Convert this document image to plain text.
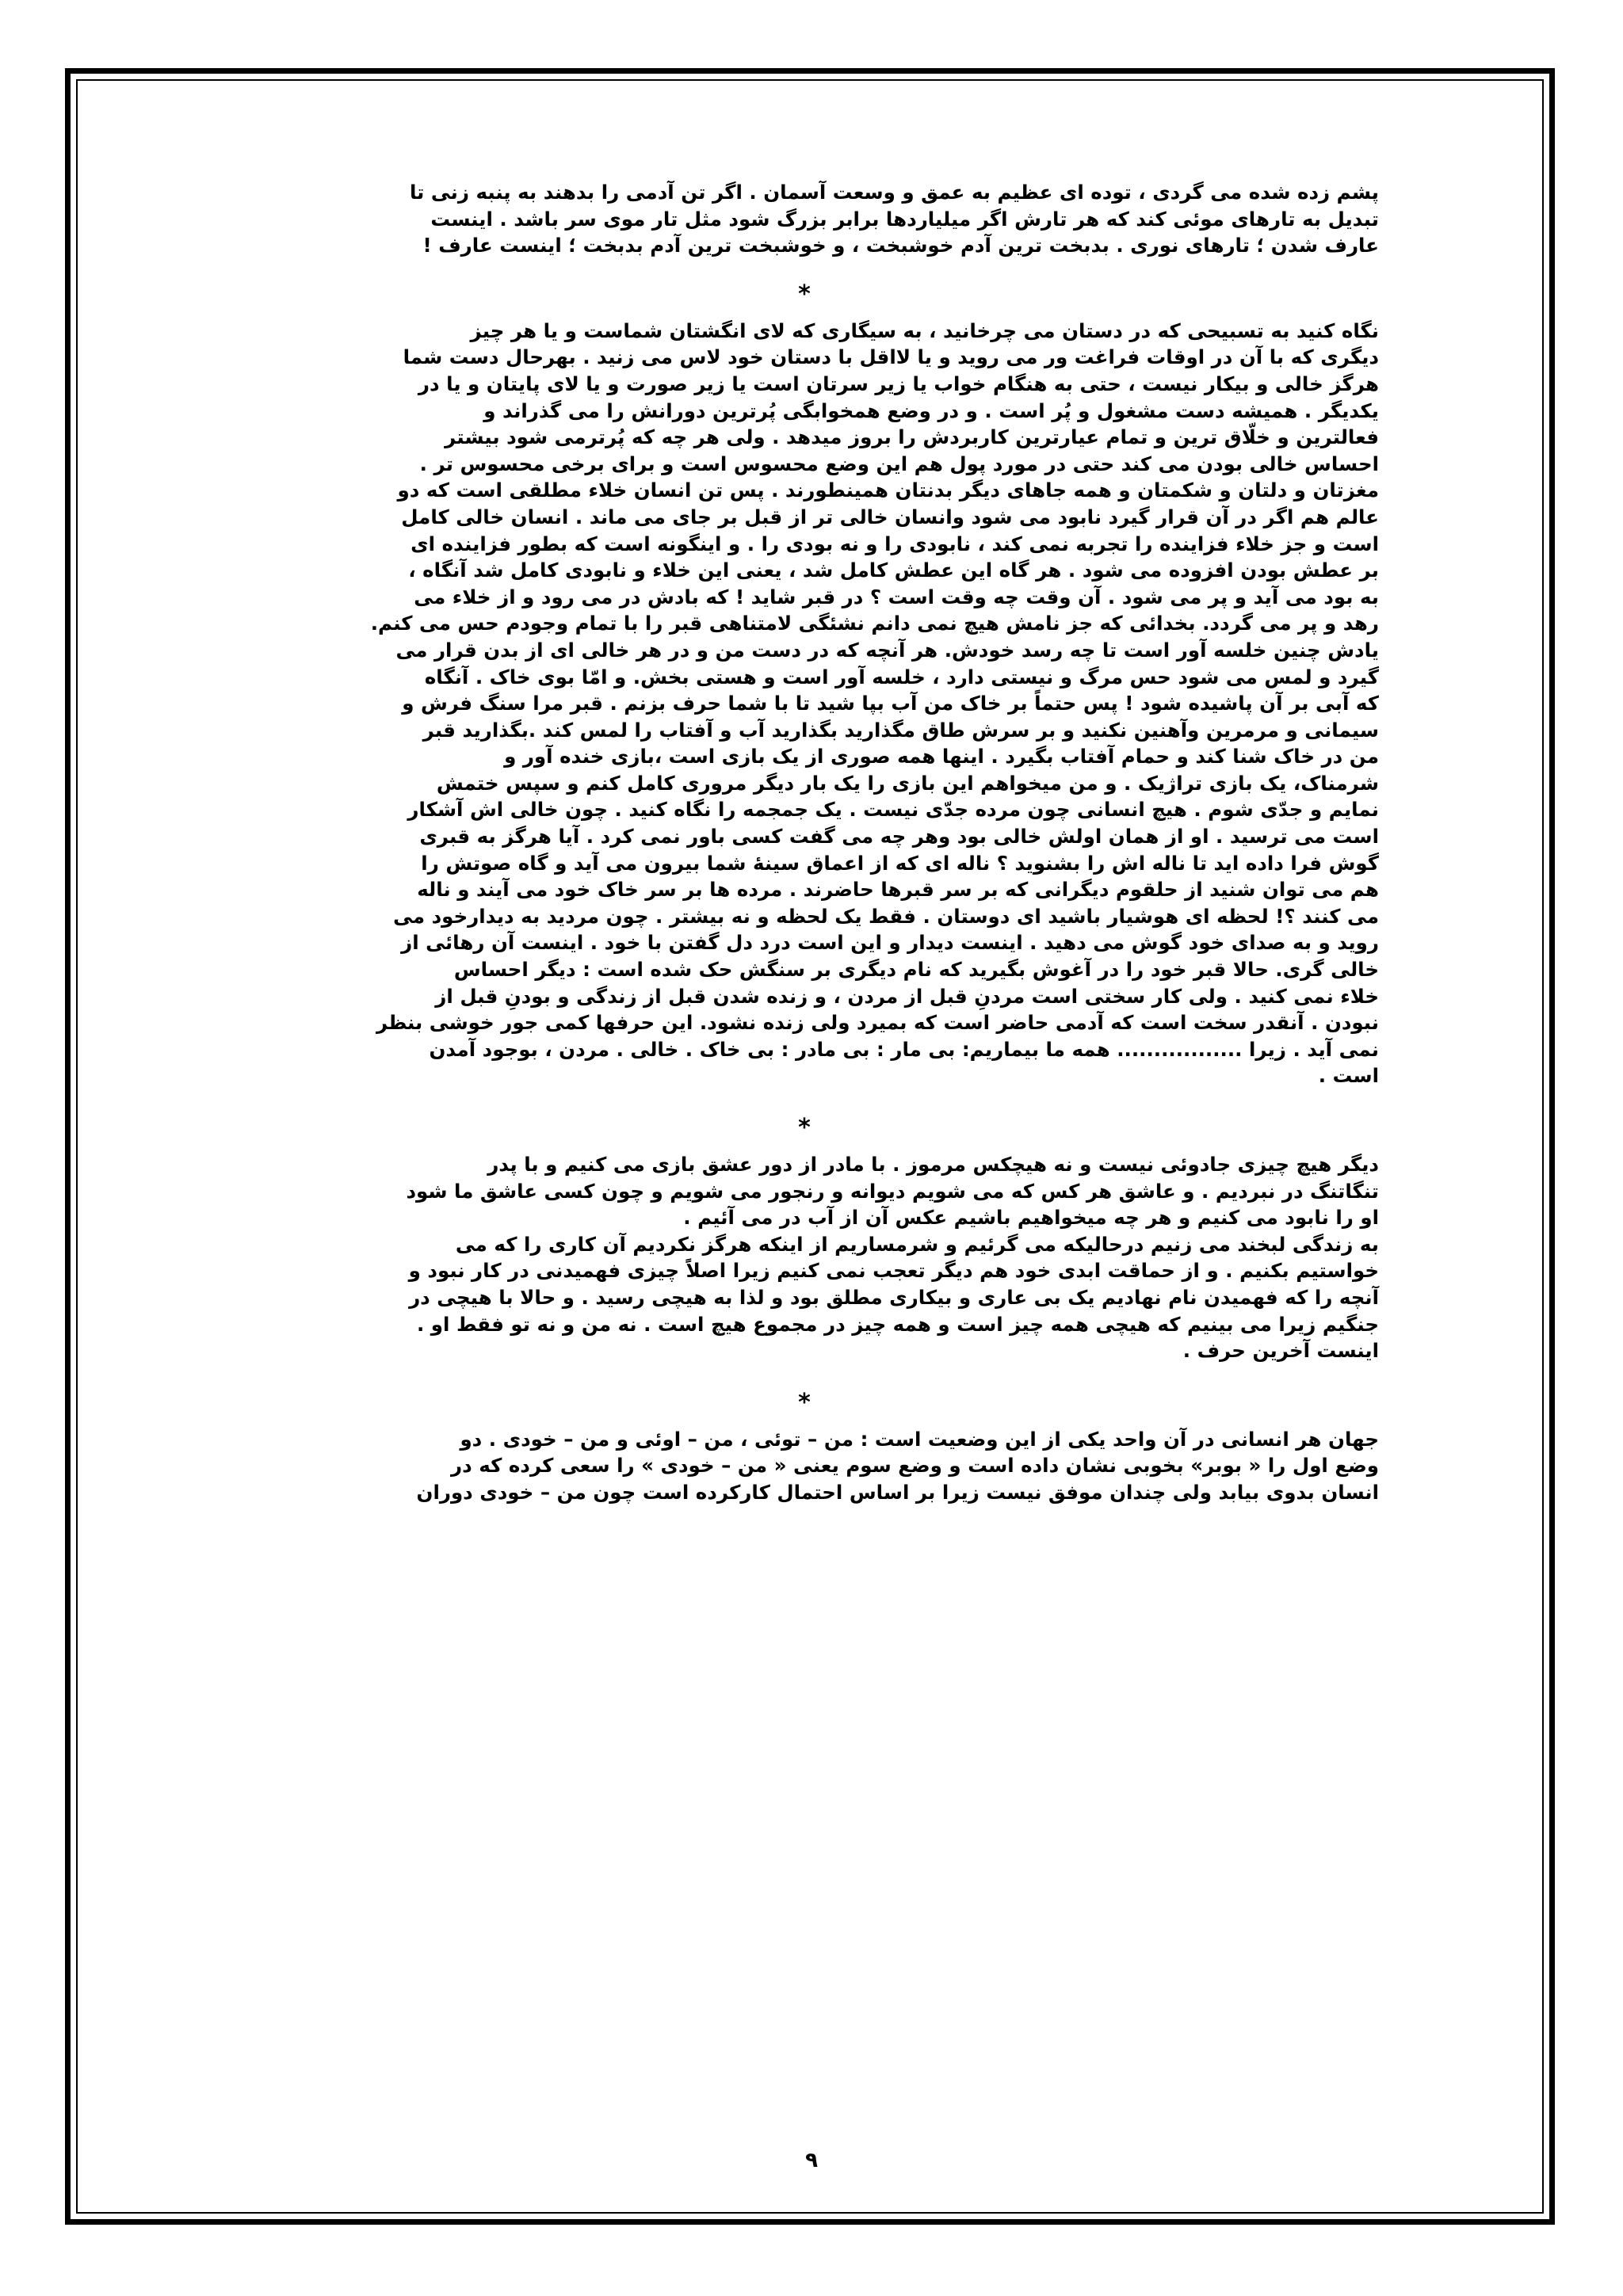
پشم زده شده می گردی ، توده ای عظیم به عمق و وسعت آسمان . اگر تن آدمی را بدهند به پنبه زنی تا
تبدیل به تارهای موئی کند که هر تارش اگر میلیاردها برابر بزرگ شود مثل تار موی سر باشد . اینست
عارف شدن ؛ تارهای نوری . بدبخت ترین آدم خوشبخت ، و خوشبخت ترین آدم بدبخت ؛ اینست عارف !

*

نگاه کنید به تسبیحی که در دستان می چرخانید ، به سیگاری که لای انگشتان شماست و یا هر چیز
دیگری که با آن در اوقات فراغت ور می روید و یا لااقل با دستان خود لاس می زنید . بهرحال دست شما
هرگز خالی و بیکار نیست ، حتی به هنگام خواب یا زیر سرتان است یا زیر صورت و یا لای پایتان و یا در
یکدیگر . همیشه دست مشغول و پُر است . و در وضع همخوابگی پُرترین دورانش را می گذراند و
فعالترین و خلّاق ترین و تمام عیارترین کاربردش را بروز میدهد . ولی هر چه که پُرترمی شود بیشتر
احساس خالی بودن می کند حتی در مورد پول هم این وضع محسوس است و برای برخی محسوس تر .
مغزتان و دلتان و شکمتان و همه جاهای دیگر بدنتان همینطورند . پس تن انسان خلاء مطلقی است که دو
عالم هم اگر در آن قرار گیرد نابود می شود وانسان خالی تر از قبل بر جای می ماند . انسان خالی کامل
است و جز خلاء فزاینده را تجربه نمی کند ، نابودی را و نه بودی را . و اینگونه است که بطور فزاینده ای
بر عطش بودن افزوده می شود . هر گاه این عطش کامل شد ، یعنی این خلاء و نابودی کامل شد آنگاه ،
به بود می آید و پر می شود . آن وقت چه وقت است ؟ در قبر شاید ! که بادش در می رود و از خلاء می
رهد و پر می گردد. بخدائی که جز نامش هیچ نمی دانم نشئگی لامتناهی قبر را با تمام وجودم حس می کنم.
یادش چنین خلسه آور است تا چه رسد خودش. هر آنچه که در دست من و در هر خالی ای از بدن قرار می
گیرد و لمس می شود حس مرگ و نیستی دارد ، خلسه آور است و هستی بخش. و امّا بوی خاک . آنگاه
که آبی بر آن پاشیده شود ! پس حتماً بر خاک من آب بپا شید تا با شما حرف بزنم . قبر مرا سنگ فرش و
سیمانی و مرمرین وآهنین نکنید و بر سرش طاق مگذارید بگذارید آب و آفتاب را لمس کند .بگذارید قبر
من در خاک شنا کند و حمام آفتاب بگیرد . اینها همه صوری از یک بازی است ،بازی خنده آور و
شرمناک، یک بازی تراژیک . و من میخواهم این بازی را یک بار دیگر مروری کامل کنم و سپس ختمش
نمایم و جدّی شوم . هیچ انسانی چون مرده جدّی نیست . یک جمجمه را نگاه کنید . چون خالی اش آشکار
است می ترسید . او از همان اولش خالی بود وهر چه می گفت کسی باور نمی کرد . آیا هرگز به قبری
گوش فرا داده اید تا ناله اش را بشنوید ؟ ناله ای که از اعماق سینهٔ شما بیرون می آید و گاه صوتش را
هم می توان شنید از حلقوم دیگرانی که بر سر قبرها حاضرند . مرده ها بر سر خاک خود می آیند و ناله
می کنند ؟! لحظه ای هوشیار باشید ای دوستان . فقط یک لحظه و نه بیشتر . چون مردید به دیدارخود می
روید و به صدای خود گوش می دهید . اینست دیدار و این است درد دل گفتن با خود . اینست آن رهائی از
خالی گری. حالا قبر خود را در آغوش بگیرید که نام دیگری بر سنگش حک شده است : دیگر احساس
خلاء نمی کنید . ولی کار سختی است مردنِ قبل از مردن ، و زنده شدن قبل از زندگی و بودنِ قبل از
نبودن . آنقدر سخت است که آدمی حاضر است که بمیرد ولی زنده نشود. این حرفها کمی جور خوشی بنظر
نمی آید . زیرا ................. همه ما بیماریم: بی مار : بی مادر : بی خاک . خالی . مردن ، بوجود آمدن
است .

*

دیگر هیچ چیزی جادوئی نیست و نه هیچکس مرموز . با مادر از دور عشق بازی می کنیم و با پدر
تنگاتنگ در نبردیم . و عاشق هر کس که می شویم دیوانه و رنجور می شویم و چون کسی عاشق ما شود
او را نابود می کنیم و هر چه میخواهیم باشیم عکس آن از آب در می آئیم .
به زندگی لبخند می زنیم درحالیکه می گرئیم و شرمساریم از اینکه هرگز نکردیم آن کاری را که می
خواستیم بکنیم . و از حماقت ابدی خود هم دیگر تعجب نمی کنیم زیرا اصلاً چیزی فهمیدنی در کار نبود و
آنچه را که فهمیدن نام نهادیم یک بی عاری و بیکاری مطلق بود و لذا به هیچی رسید . و حالا با هیچی در
جنگیم زیرا می بینیم که هیچی همه چیز است و همه چیز در مجموع هیچ است . نه من و نه تو فقط او .
اینست آخرین حرف .

*

جهان هر انسانی در آن واحد یکی از این وضعیت است : من – توئی ، من – اوئی و من – خودی . دو
وضع اول را « بوبر» بخوبی نشان داده است و وضع سوم یعنی « من – خودی » را سعی کرده که در
انسان بدوی بیابد ولی چندان موفق نیست زیرا بر اساس احتمال کارکرده است چون من – خودی دوران

۹
